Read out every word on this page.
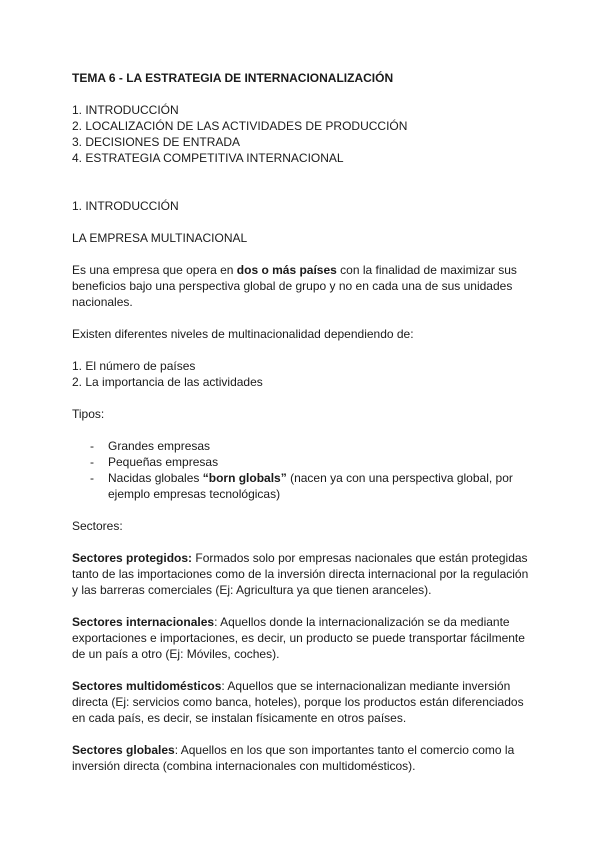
TEMA 6 - LA ESTRATEGIA DE INTERNACIONALIZACIÓN

1. INTRODUCCIÓN

2. LOCALIZACIÓN DE LAS ACTIVIDADES DE PRODUCCIÓN

3. DECISIONES DE ENTRADA

4. ESTRATEGIA COMPETITIVA INTERNACIONAL

1. INTRODUCCIÓN

LA EMPRESA MULTINACIONAL

Es una empresa que opera en dos o más países con la finalidad de maximizar sus beneficios bajo una perspectiva global de grupo y no en cada una de sus unidades nacionales.

Existen diferentes niveles de multinacionalidad dependiendo de:

1. El número de países

2. La importancia de las actividades

Tipos:

- Grandes empresas
- Pequeñas empresas
- Nacidas globales “born globals” (nacen ya con una perspectiva global, por ejemplo empresas tecnológicas)

Sectores:

Sectores protegidos: Formados solo por empresas nacionales que están protegidas tanto de las importaciones como de la inversión directa internacional por la regulación y las barreras comerciales (Ej: Agricultura ya que tienen aranceles).

Sectores internacionales: Aquellos donde la internacionalización se da mediante exportaciones e importaciones, es decir, un producto se puede transportar fácilmente de un país a otro (Ej: Móviles, coches).

Sectores multidomésticos: Aquellos que se internacionalizan mediante inversión directa (Ej: servicios como banca, hoteles), porque los productos están diferenciados en cada país, es decir, se instalan físicamente en otros países.

Sectores globales: Aquellos en los que son importantes tanto el comercio como la inversión directa (combina internacionales con multidomésticos).
